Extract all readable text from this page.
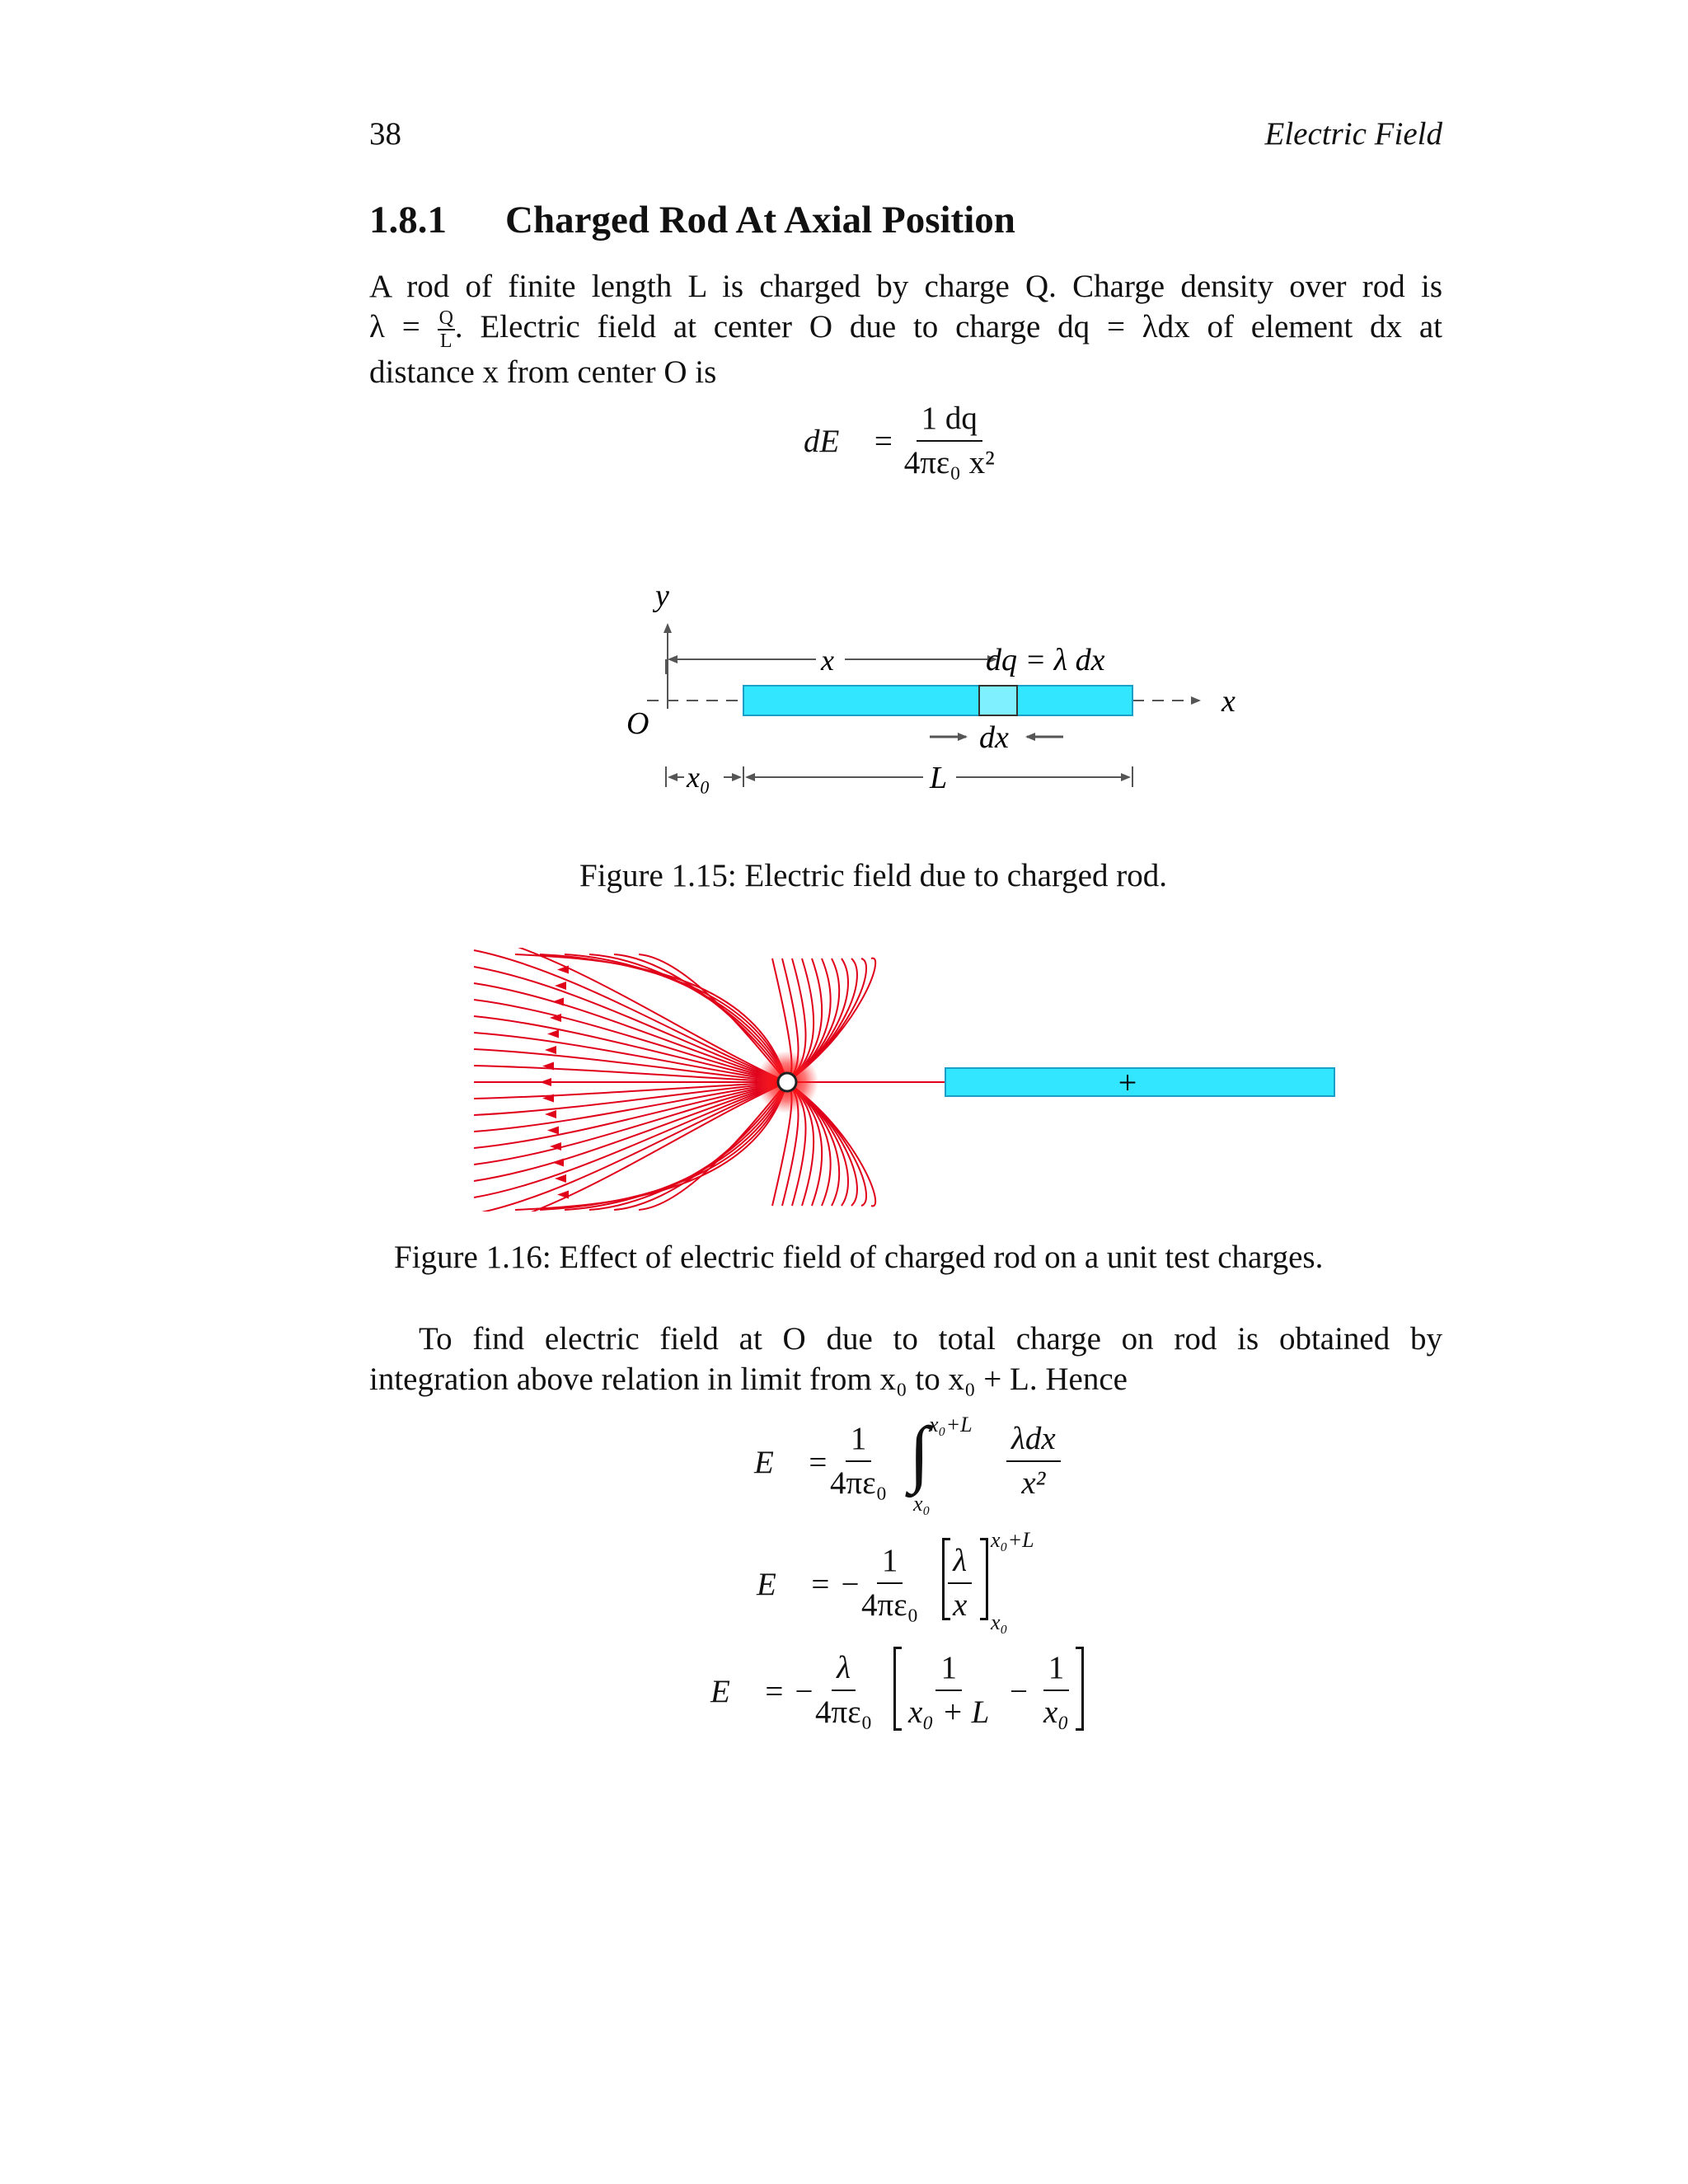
38	Electric Field
1.8.1 Charged Rod At Axial Position
A rod of finite length L is charged by charge Q. Charge density over rod is
$\lambda = \frac{Q}{L}$ . Electric field at center O due to charge dq = λdx of element dx at
distance x from center O is
dE⃗ = $\frac{1 dq}{\text{4πε₀ x²}}$
y
x
O
x	dq = λ dx
dx
x₀	L
Figure 1.15: Electric field due to charged rod.
+
Figure 1.16: Effect of electric field of charged rod on a unit test charges.
To find electric field at O due to total charge on rod is obtained by
integration above relation in limit from x₀ to x₀ + L. Hence
E⃗ =
$\frac{1}{\text{4πε₀}}$ ∫ x₀+L
x₀
λdx
x²
E⃗ = −
$\frac{1}{\text{4πε₀}} \frac{\lambda}{x}$
x₀+L
x₀
E⃗ = −
$\frac{\lambda}{\text{4πε₀}} \frac{1}{\text{x₀ + L}} - \frac{1}{\text{x₀}}$
